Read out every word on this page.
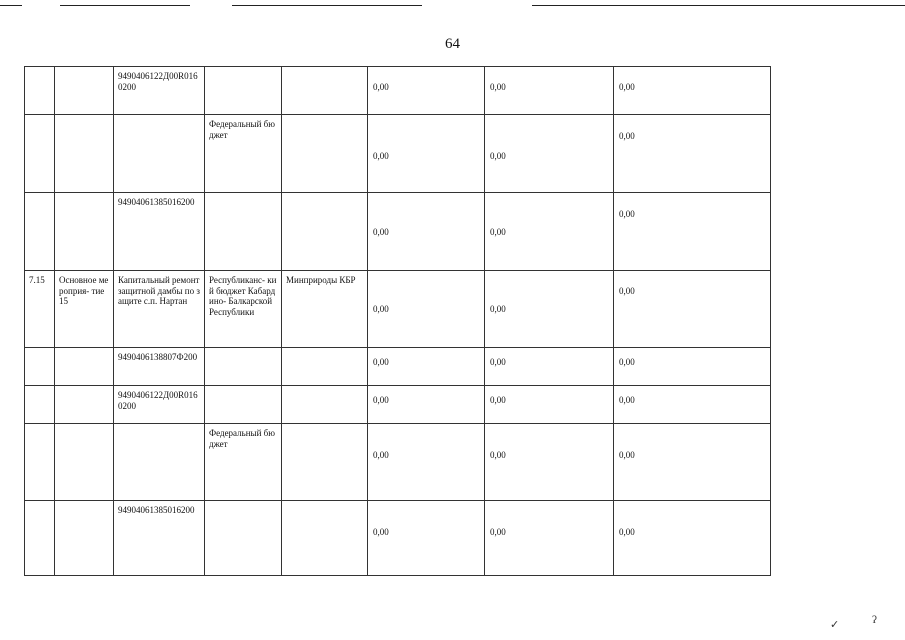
64
		9490406122Д00R0160200			0,00	0,00	0,00

			Федеральный бюджет		0,00	0,00	0,00

		94904061385016200			0,00	0,00	0,00

7.15	Основное мероприя- тие 15	Капитальный ремонт защитной дамбы по защите с.п. Нартан	Республиканс- кий бюджет Кабардино- Балкарской Республики	Минприроды КБР	0,00	0,00	0,00

		9490406138807Ф200			0,00	0,00	0,00

		9490406122Д00R0160200			0,00	0,00	0,00

			Федеральный бюджет		0,00	0,00	0,00

		94904061385016200			0,00	0,00	0,00
✓	ʔ
